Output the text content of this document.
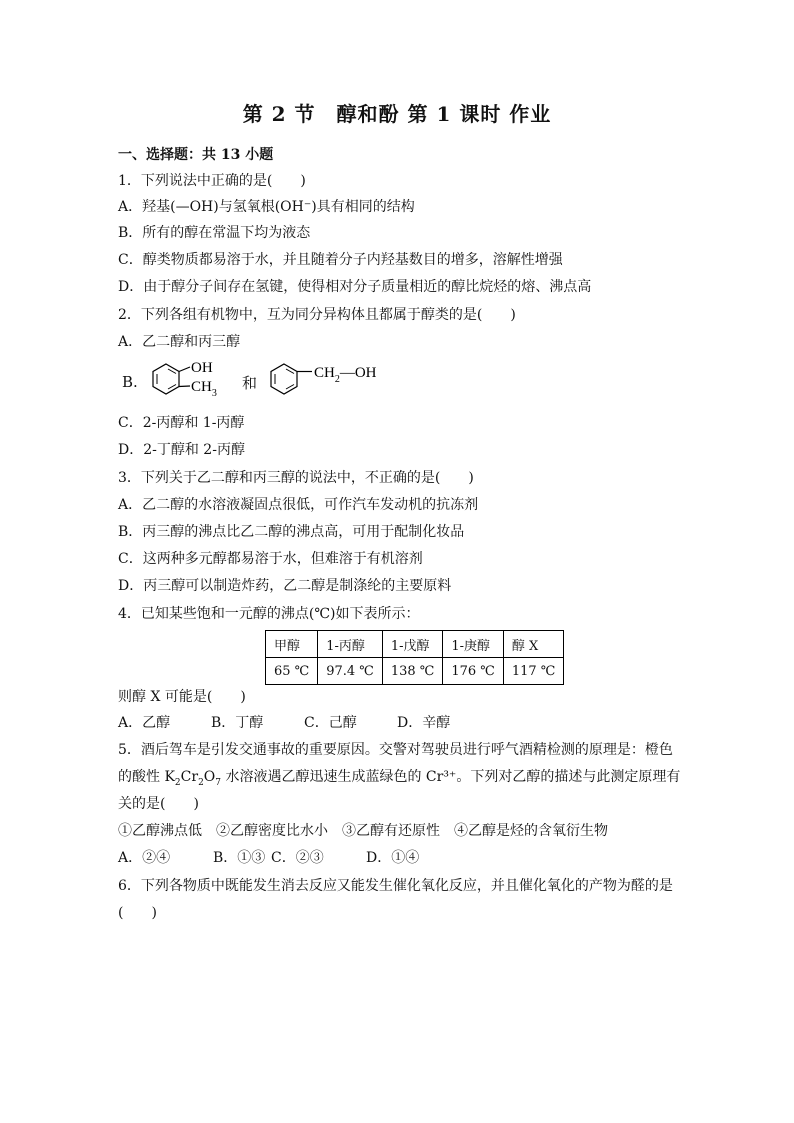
第 2 节　醇和酚 第 1 课时 作业
一、选择题：共 13 小题
1．下列说法中正确的是(　　)
A．羟基(—OH)与氢氧根(OH⁻)具有相同的结构
B．所有的醇在常温下均为液态
C．醇类物质都易溶于水，并且随着分子内羟基数目的增多，溶解性增强
D．由于醇分子间存在氢键，使得相对分子质量相近的醇比烷烃的熔、沸点高
2．下列各组有机物中，互为同分异构体且都属于醇类的是(　　)
A．乙二醇和丙三醇
B.
OH
$CH_3$
和
$CH_2—OH$
C．2-丙醇和 1-丙醇
D．2-丁醇和 2-丙醇
3．下列关于乙二醇和丙三醇的说法中，不正确的是(　　)
A．乙二醇的水溶液凝固点很低，可作汽车发动机的抗冻剂
B．丙三醇的沸点比乙二醇的沸点高，可用于配制化妆品
C．这两种多元醇都易溶于水，但难溶于有机溶剂
D．丙三醇可以制造炸药，乙二醇是制涤纶的主要原料
4．已知某些饱和一元醇的沸点(℃)如下表所示：
甲醇	1-丙醇	1-戊醇	1-庚醇	醇 X
65 ℃	97.4 ℃	138 ℃	176 ℃	117 ℃
则醇 X 可能是(　　)
A．乙醇	B．丁醇	C．己醇	D．辛醇
5．酒后驾车是引发交通事故的重要原因。交警对驾驶员进行呼气酒精检测的原理是：橙色
的酸性 $K_2Cr_2O_7$ 水溶液遇乙醇迅速生成蓝绿色的 Cr³⁺。下列对乙醇的描述与此测定原理有
关的是(　　)
①乙醇沸点低　②乙醇密度比水小　③乙醇有还原性　④乙醇是烃的含氧衍生物
A．②④	B．①③ C．②③	D．①④
6．下列各物质中既能发生消去反应又能发生催化氧化反应，并且催化氧化的产物为醛的是
(　　)
